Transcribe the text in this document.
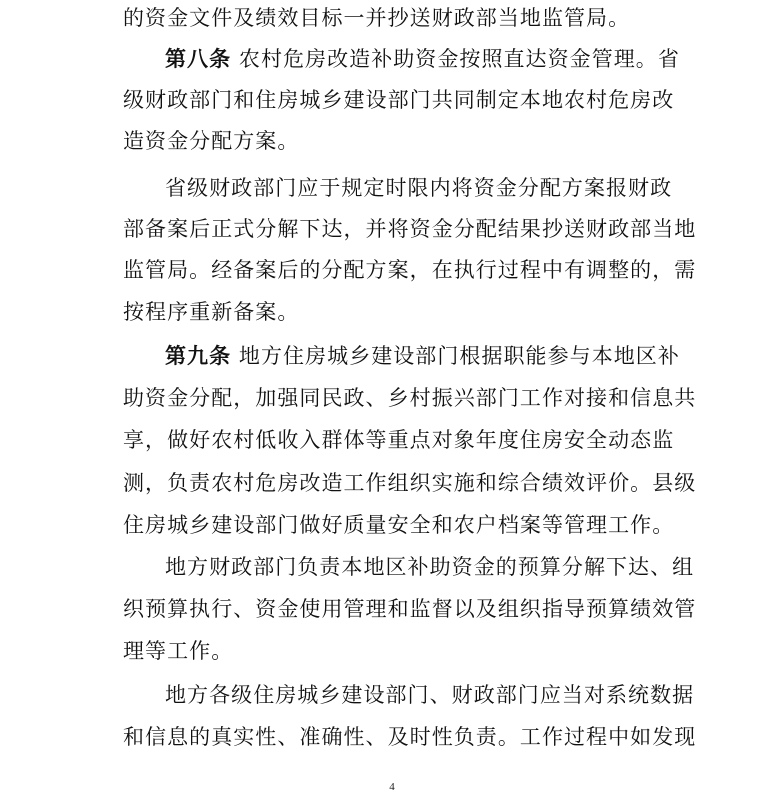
的资金文件及绩效目标一并抄送财政部当地监管局。
第八条 农村危房改造补助资金按照直达资金管理。省
级财政部门和住房城乡建设部门共同制定本地农村危房改
造资金分配方案。
省级财政部门应于规定时限内将资金分配方案报财政
部备案后正式分解下达，并将资金分配结果抄送财政部当地
监管局。经备案后的分配方案，在执行过程中有调整的，需
按程序重新备案。
第九条 地方住房城乡建设部门根据职能参与本地区补
助资金分配，加强同民政、乡村振兴部门工作对接和信息共
享，做好农村低收入群体等重点对象年度住房安全动态监
测，负责农村危房改造工作组织实施和综合绩效评价。县级
住房城乡建设部门做好质量安全和农户档案等管理工作。
地方财政部门负责本地区补助资金的预算分解下达、组
织预算执行、资金使用管理和监督以及组织指导预算绩效管
理等工作。
地方各级住房城乡建设部门、财政部门应当对系统数据
和信息的真实性、准确性、及时性负责。工作过程中如发现
4
